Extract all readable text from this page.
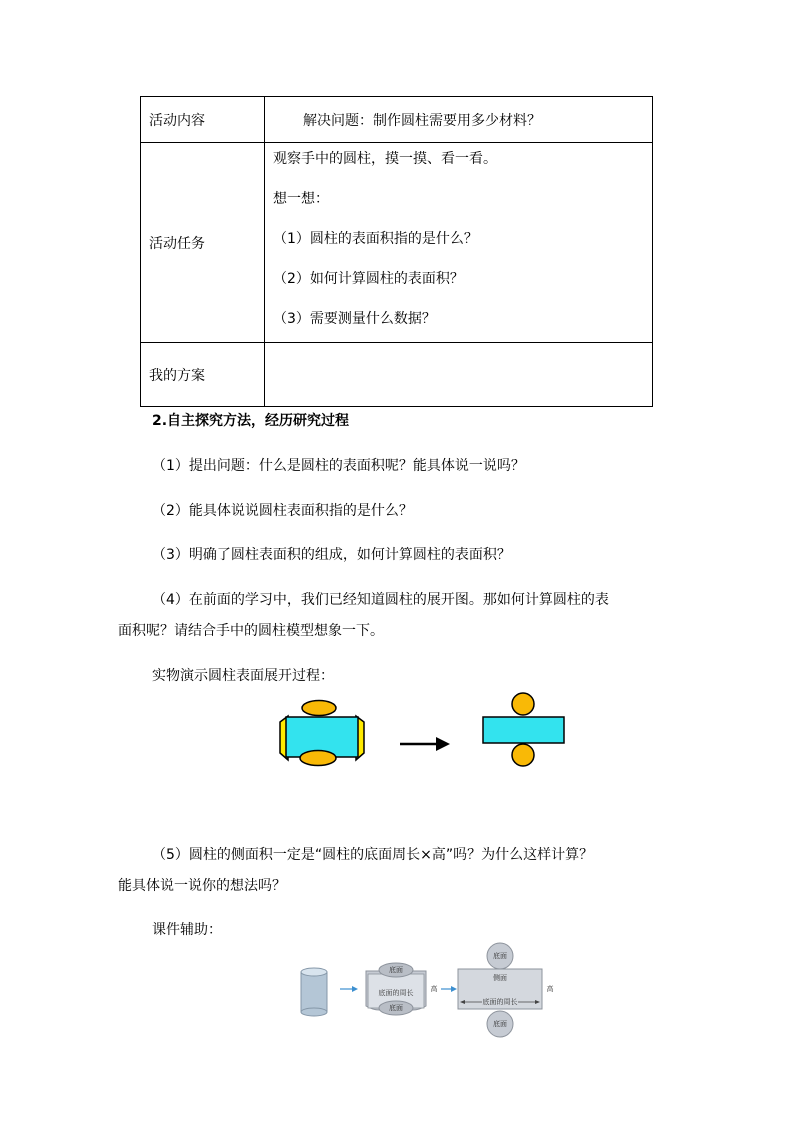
活动内容	解决问题：制作圆柱需要用多少材料？
活动任务	观察手中的圆柱，摸一摸、看一看。
想一想：
（1）圆柱的表面积指的是什么？
（2）如何计算圆柱的表面积？
（3）需要测量什么数据？

我的方案	
2.自主探究方法，经历研究过程
（1）提出问题：什么是圆柱的表面积呢？能具体说一说吗？
（2）能具体说说圆柱表面积指的是什么？
（3）明确了圆柱表面积的组成，如何计算圆柱的表面积？
（4）在前面的学习中，我们已经知道圆柱的展开图。那如何计算圆柱的表
面积呢？请结合手中的圆柱模型想象一下。
实物演示圆柱表面展开过程：
（5）圆柱的侧面积一定是“圆柱的底面周长×高”吗？为什么这样计算？
能具体说一说你的想法吗？
课件辅助：
底面
底面
底面的周长 高
底面
底面
侧面
底面的周长
高
